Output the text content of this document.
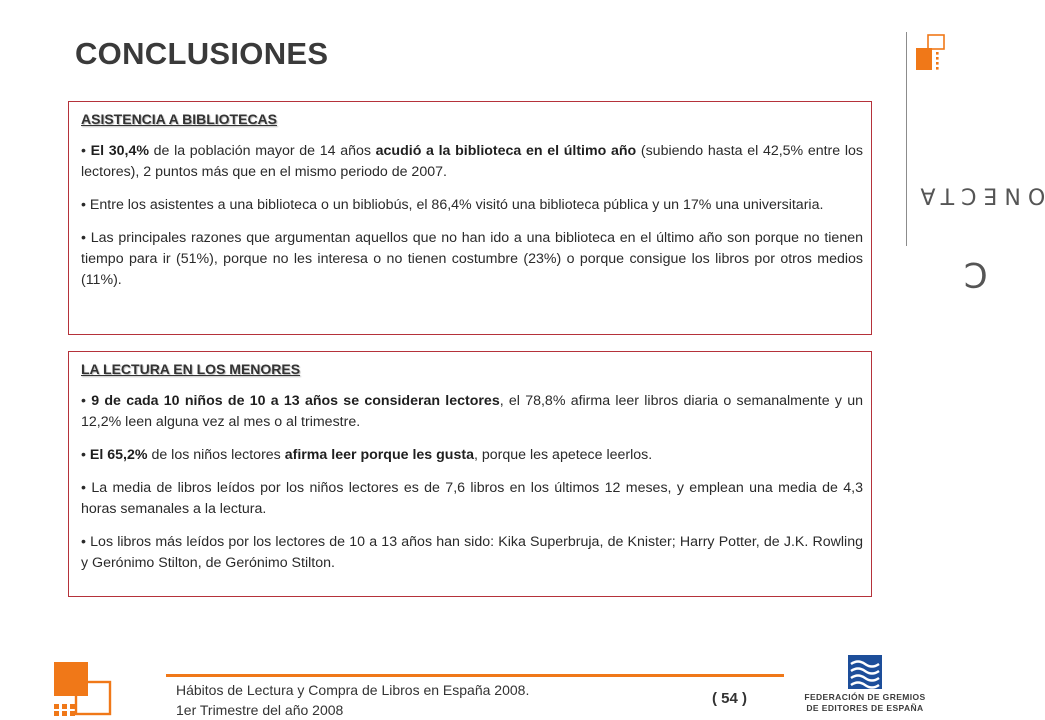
CONCLUSIONES
CONECTA
ASISTENCIA A BIBLIOTECAS

• El 30,4% de la población mayor de 14 años acudió a la biblioteca en el último año (subiendo hasta el 42,5% entre los lectores), 2 puntos más que en el mismo periodo de 2007.

• Entre los asistentes a una biblioteca o un bibliobús, el 86,4% visitó una biblioteca pública y un 17% una universitaria.

• Las principales razones que argumentan aquellos que no han ido a una biblioteca en el último año son porque no tienen tiempo para ir (51%), porque no les interesa o no tienen costumbre (23%) o porque consigue los libros por otros medios (11%).

LA LECTURA EN LOS MENORES

• 9 de cada 10 niños de 10 a 13 años se consideran lectores, el 78,8% afirma leer libros diaria o semanalmente y un 12,2% leen alguna vez al mes o al trimestre.

• El 65,2% de los niños lectores afirma leer porque les gusta, porque les apetece leerlos.

• La media de libros leídos por los niños lectores es de 7,6 libros en los últimos 12 meses, y emplean una media de 4,3 horas semanales a la lectura.

• Los libros más leídos por los lectores de 10 a 13 años han sido: Kika Superbruja, de Knister; Harry Potter, de J.K. Rowling y Gerónimo Stilton, de Gerónimo Stilton.

Hábitos de Lectura y Compra de Libros en España 2008.
1er Trimestre del año 2008
( 54 )	FEDERACIÓN DE GREMIOS
DE EDITORES DE ESPAÑA
